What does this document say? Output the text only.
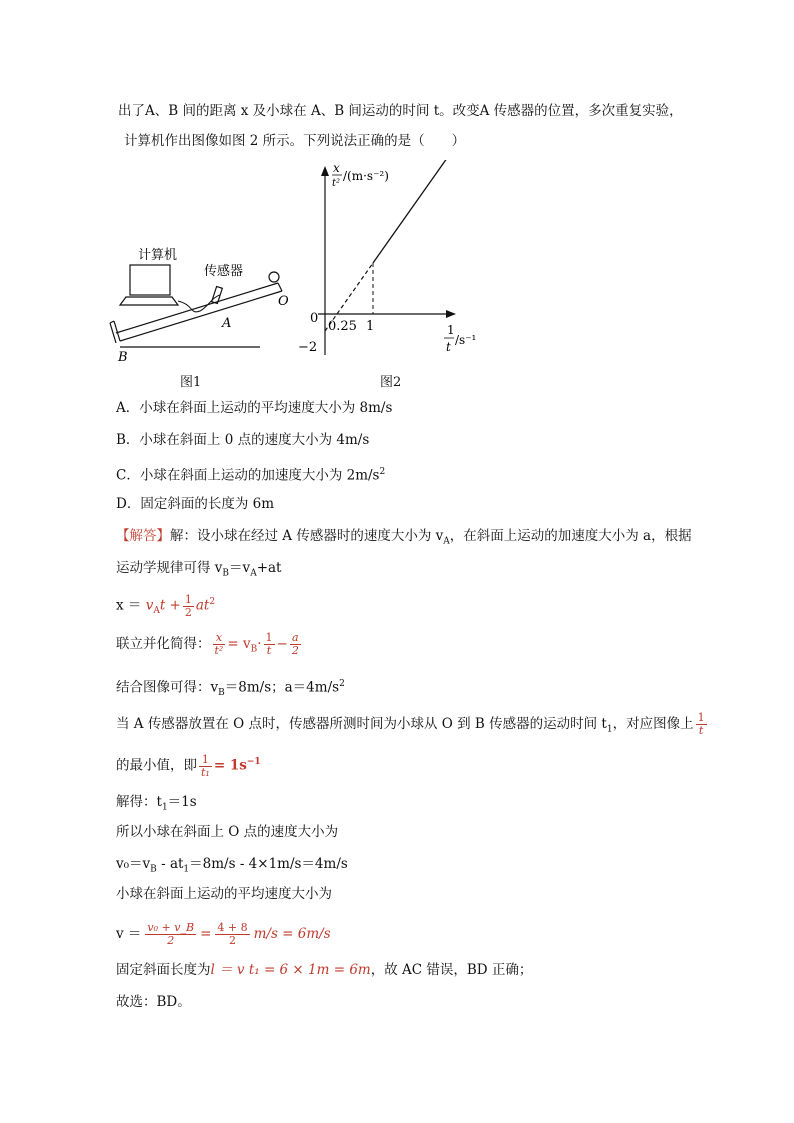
出了A、B 间的距离 x 及小球在 A、B 间运动的时间 t。改变A 传感器的位置，多次重复实验，
计算机作出图像如图 2 所示。下列说法正确的是（　　）
计算机
传感器
A
B
O
图1
x
t²
/(m·s⁻²)
1
t /s⁻¹
0
0.25 1
−2
图2
A．小球在斜面上运动的平均速度大小为 8m/s
B．小球在斜面上 0 点的速度大小为 4m/s
C．小球在斜面上运动的加速度大小为 $2m/s^2$
D．固定斜面的长度为 6m
【解答】解：设小球在经过 A 传感器时的速度大小为 $v_A$，在斜面上运动的加速度大小为 a，根据
运动学规律可得 $v_B=v_A+at$
$x = v_At + \frac{1}{2} at^2$
联立并化简得： $\frac{x}{\text{t²}} = v_B\cdot \frac{1}{t} - \frac{a}{2}$
结合图像可得：$v_B=8m/s$；$a=4m/s^2$
当 A 传感器放置在 O 点时，传感器所测时间为小球从 O 到 B 传感器的运动时间 $t_1$，对应图像上 $\frac{1}{t}$
的最小值，即 $\frac{1}{\text{t₁}} = 1s^{-1}$
解得：$t_1=1s$
所以小球在斜面上 O 点的速度大小为
$v_0=v_B - at_1=8m/s - 4\times 1m/s=4m/s$
小球在斜面上运动的平均速度大小为
$v = \frac{\text{v₀ + v\_B}}{2} = \frac{4 + 8}{2} m/s = 6m/s$
固定斜面长度为l ＝ v t₁ = 6 × 1m = 6m，故 AC 错误，BD 正确；
故选：BD。
